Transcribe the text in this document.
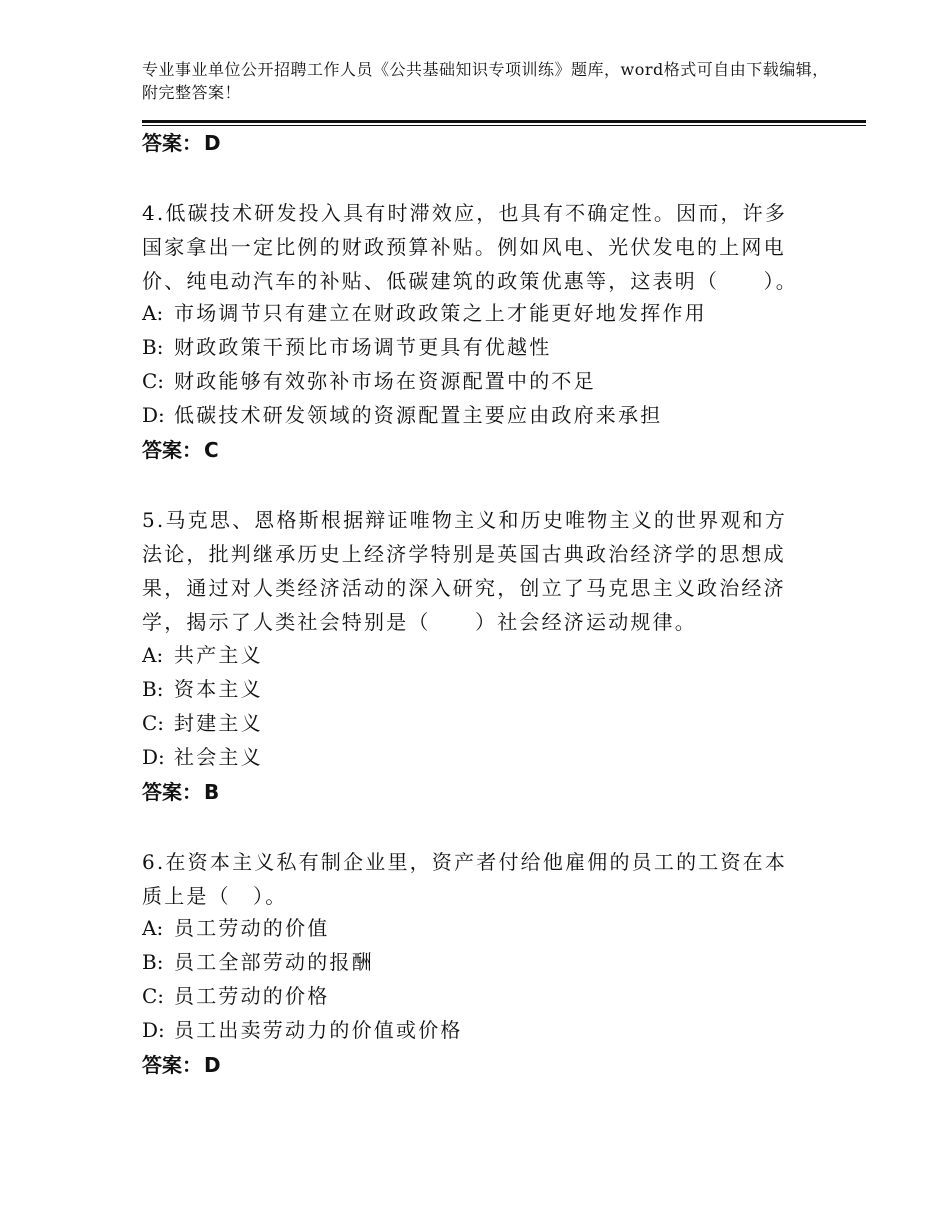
专业事业单位公开招聘工作人员《公共基础知识专项训练》题库，word格式可自由下载编辑，附完整答案！
答案： D
4.低碳技术研发投入具有时滞效应，也具有不确定性。因而，许多国家拿出一定比例的财政预算补贴。例如风电、光伏发电的上网电价、纯电动汽车的补贴、低碳建筑的政策优惠等，这表明（　　）。
A: 市场调节只有建立在财政政策之上才能更好地发挥作用
B: 财政政策干预比市场调节更具有优越性
C: 财政能够有效弥补市场在资源配置中的不足
D: 低碳技术研发领域的资源配置主要应由政府来承担
答案： C
5.马克思、恩格斯根据辩证唯物主义和历史唯物主义的世界观和方法论，批判继承历史上经济学特别是英国古典政治经济学的思想成果，通过对人类经济活动的深入研究，创立了马克思主义政治经济学，揭示了人类社会特别是（　　）社会经济运动规律。
A: 共产主义
B: 资本主义
C: 封建主义
D: 社会主义
答案： B
6.在资本主义私有制企业里，资产者付给他雇佣的员工的工资在本质上是（　）。
A: 员工劳动的价值
B: 员工全部劳动的报酬
C: 员工劳动的价格
D: 员工出卖劳动力的价值或价格
答案： D
